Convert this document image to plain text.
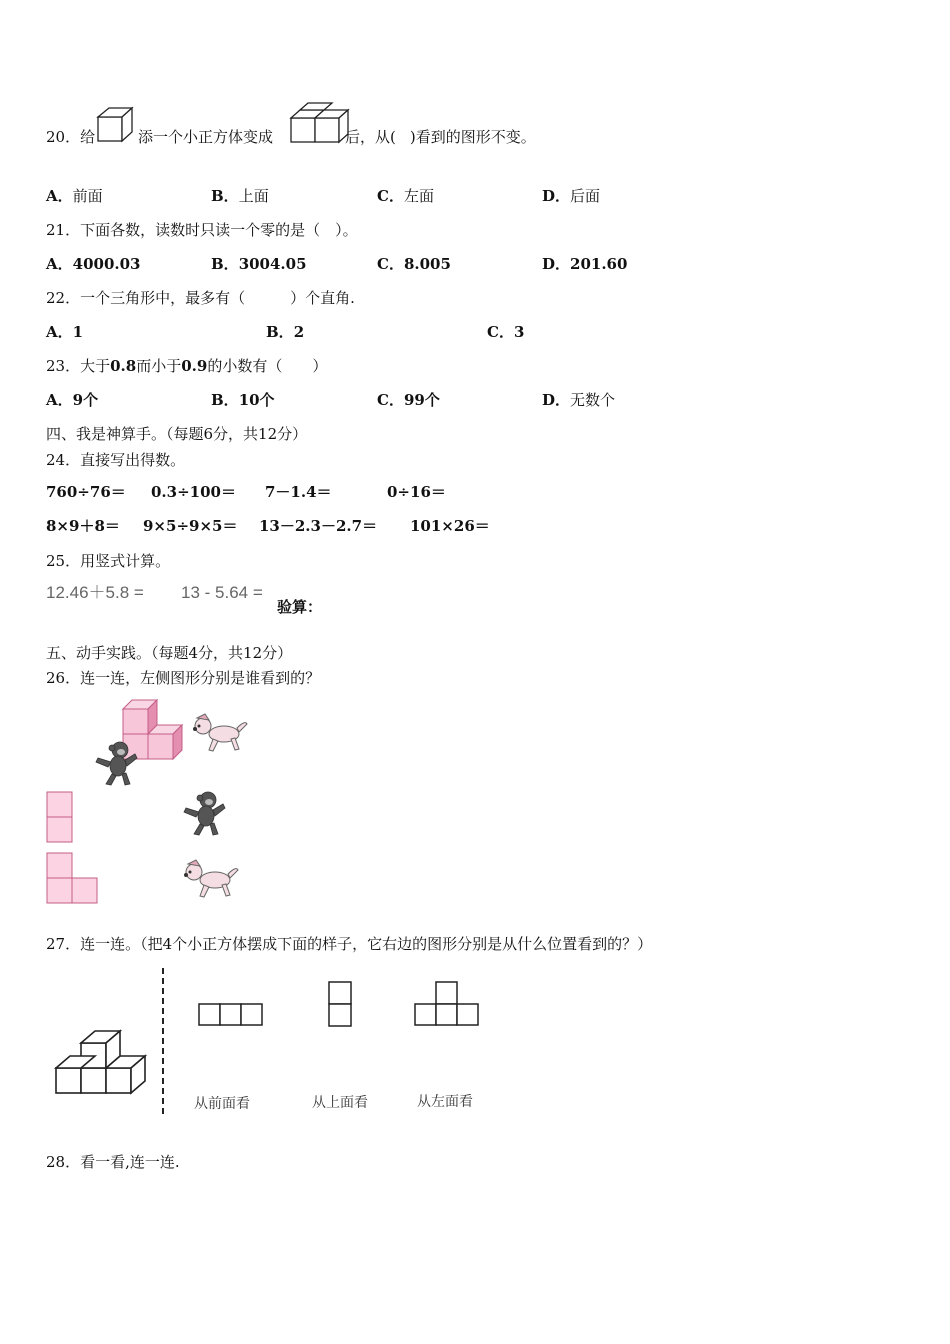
20．给	添一个小正方体变成	后，从( )看到的图形不变。
A．前面	B．上面	C．左面	D．后面
21．下面各数，读数时只读一个零的是（　）。
A．4000.03	B．3004.05	C．8.005	D．201.60
22．一个三角形中，最多有（　　　）个直角.
A．1	B．2	C．3
23．大于0.8而小于0.9的小数有（　　）
A．9个	B．10个	C．99个	D．无数个
四、我是神算手。（每题6分，共12分）
24．直接写出得数。
760÷76＝ 0.3÷100＝ 7－1.4＝	0÷16＝
8×9＋8＝ 9×5÷9×5＝ 13－2.3－2.7＝ 101×26＝
25．用竖式计算。
12.46＋5.8 = 13 - 5.64 =
验算：
五、动手实践。（每题4分，共12分）
26．连一连，左侧图形分别是谁看到的？
27．连一连。（把4个小正方体摆成下面的样子，它右边的图形分别是从什么位置看到的？）
从前面看	从上面看	从左面看
28．看一看,连一连.
